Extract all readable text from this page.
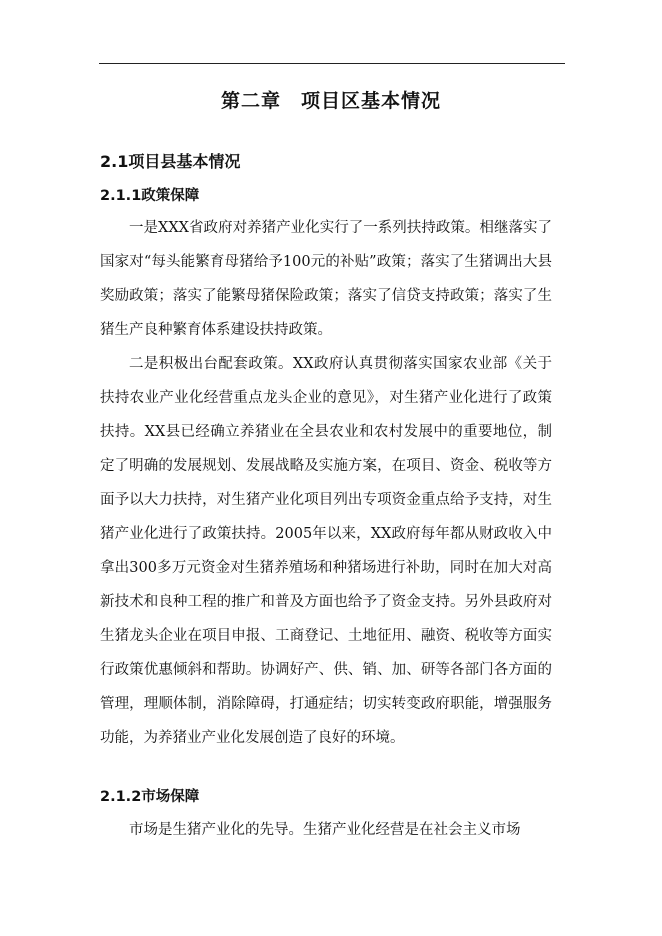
第二章　项目区基本情况
2.1项目县基本情况
2.1.1政策保障

一是XXX省政府对养猪产业化实行了一系列扶持政策。相继落实了国家对“每头能繁育母猪给予100元的补贴”政策；落实了生猪调出大县奖励政策；落实了能繁母猪保险政策；落实了信贷支持政策；落实了生猪生产良种繁育体系建设扶持政策。

二是积极出台配套政策。XX政府认真贯彻落实国家农业部《关于扶持农业产业化经营重点龙头企业的意见》，对生猪产业化进行了政策扶持。XX县已经确立养猪业在全县农业和农村发展中的重要地位，制定了明确的发展规划、发展战略及实施方案，在项目、资金、税收等方面予以大力扶持，对生猪产业化项目列出专项资金重点给予支持，对生猪产业化进行了政策扶持。2005年以来，XX政府每年都从财政收入中拿出300多万元资金对生猪养殖场和种猪场进行补助，同时在加大对高新技术和良种工程的推广和普及方面也给予了资金支持。另外县政府对生猪龙头企业在项目申报、工商登记、土地征用、融资、税收等方面实行政策优惠倾斜和帮助。协调好产、供、销、加、研等各部门各方面的管理，理顺体制，消除障碍，打通症结；切实转变政府职能，增强服务功能，为养猪业产业化发展创造了良好的环境。

2.1.2市场保障

市场是生猪产业化的先导。生猪产业化经营是在社会主义市场
